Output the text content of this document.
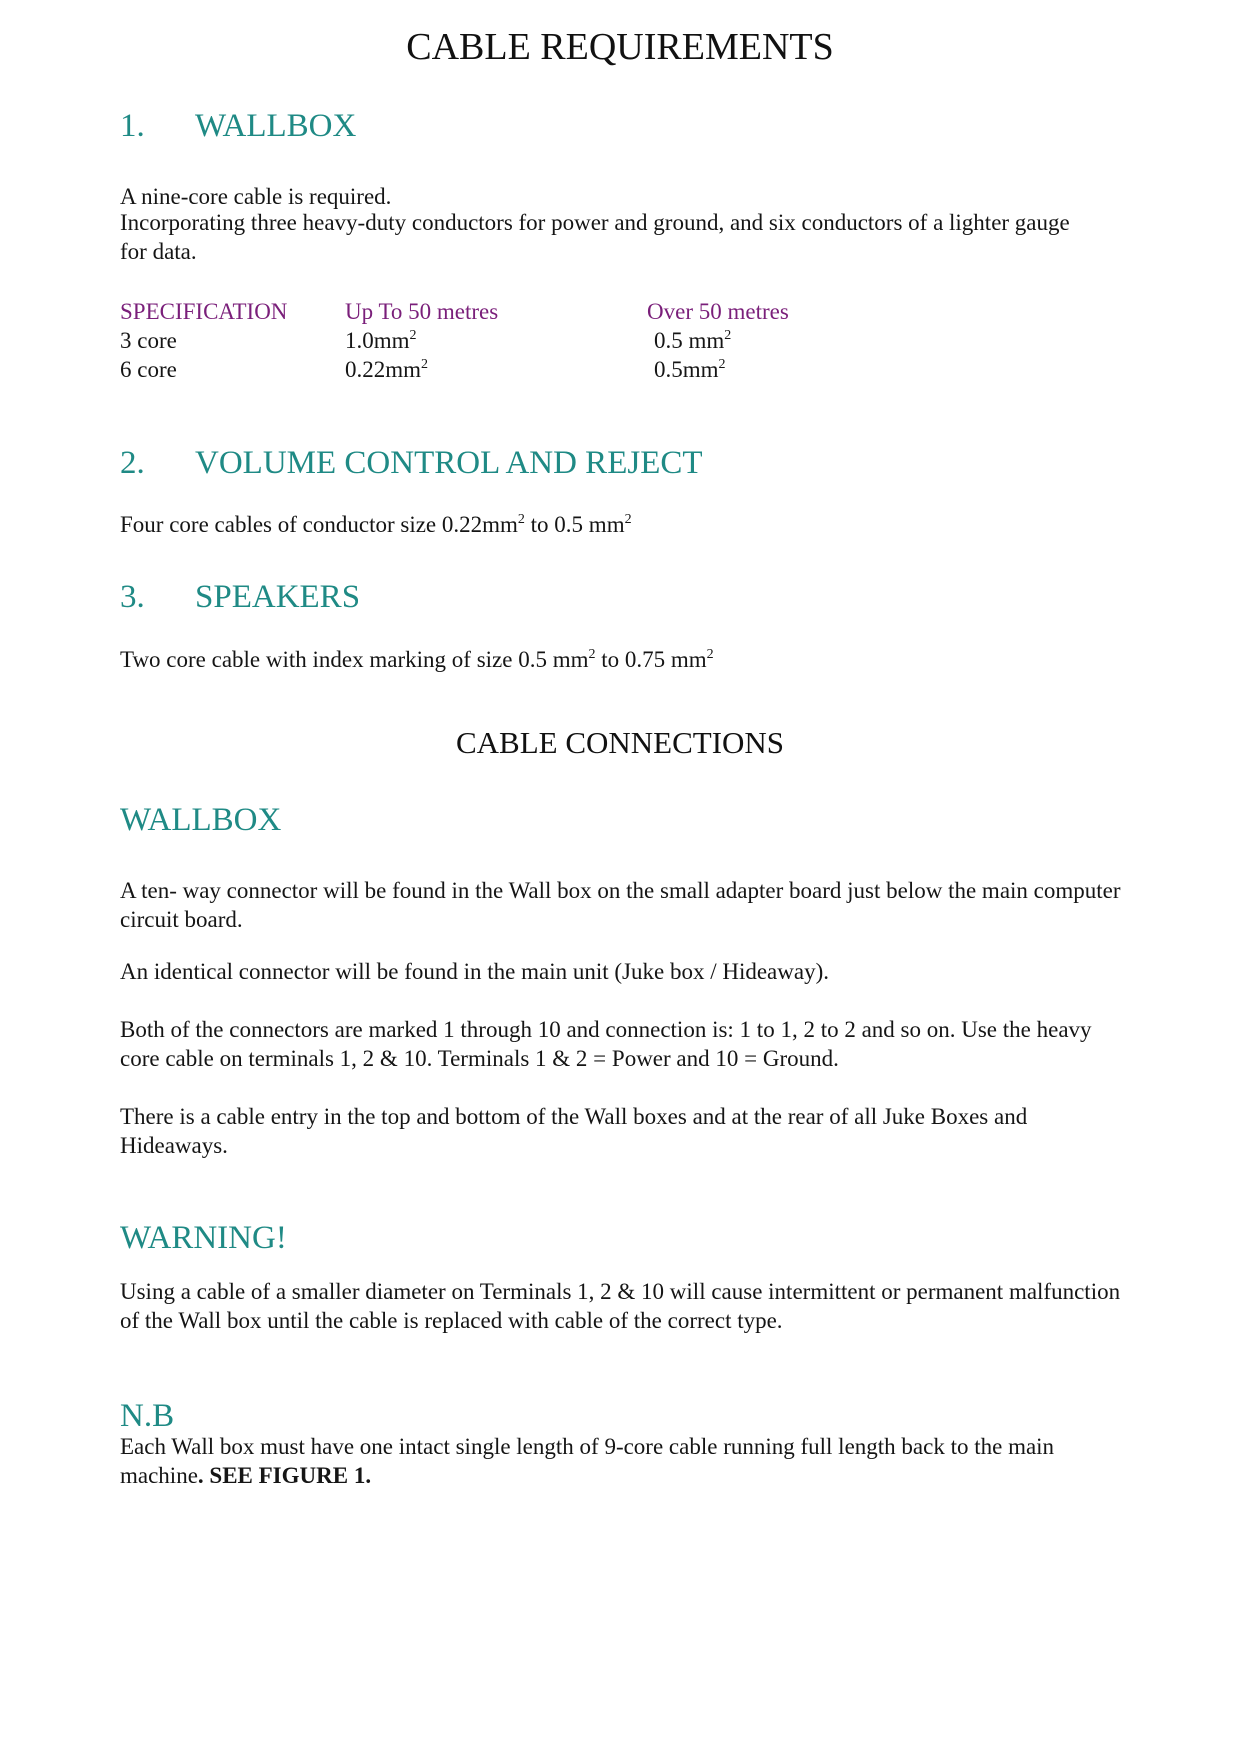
CABLE REQUIREMENTS
1. WALLBOX
A nine-core cable is required.

Incorporating three heavy-duty conductors for power and ground, and six conductors of a lighter gauge for data.

SPECIFICATION	Up To 50 metres	Over 50 metres
3 core	$1.0mm^2$	0.5 $mm^2$
6 core	$0.22mm^2$	$0.5mm^2$
2. VOLUME CONTROL AND REJECT
Four core cables of conductor size $0.22mm^2$ to 0.5 $mm^2$
3. SPEAKERS
Two core cable with index marking of size 0.5 $mm^2$ to 0.75 $mm^2$
CABLE CONNECTIONS
WALLBOX

A ten- way connector will be found in the Wall box on the small adapter board just below the main computer circuit board.

An identical connector will be found in the main unit (Juke box / Hideaway).

Both of the connectors are marked 1 through 10 and connection is: 1 to 1, 2 to 2 and so on. Use the heavy core cable on terminals 1, 2 & 10. Terminals 1 & 2 = Power and 10 = Ground.

There is a cable entry in the top and bottom of the Wall boxes and at the rear of all Juke Boxes and Hideaways.

WARNING!

Using a cable of a smaller diameter on Terminals 1, 2 & 10 will cause intermittent or permanent malfunction of the Wall box until the cable is replaced with cable of the correct type.

N.B

Each Wall box must have one intact single length of 9-core cable running full length back to the main machine. SEE FIGURE 1.
